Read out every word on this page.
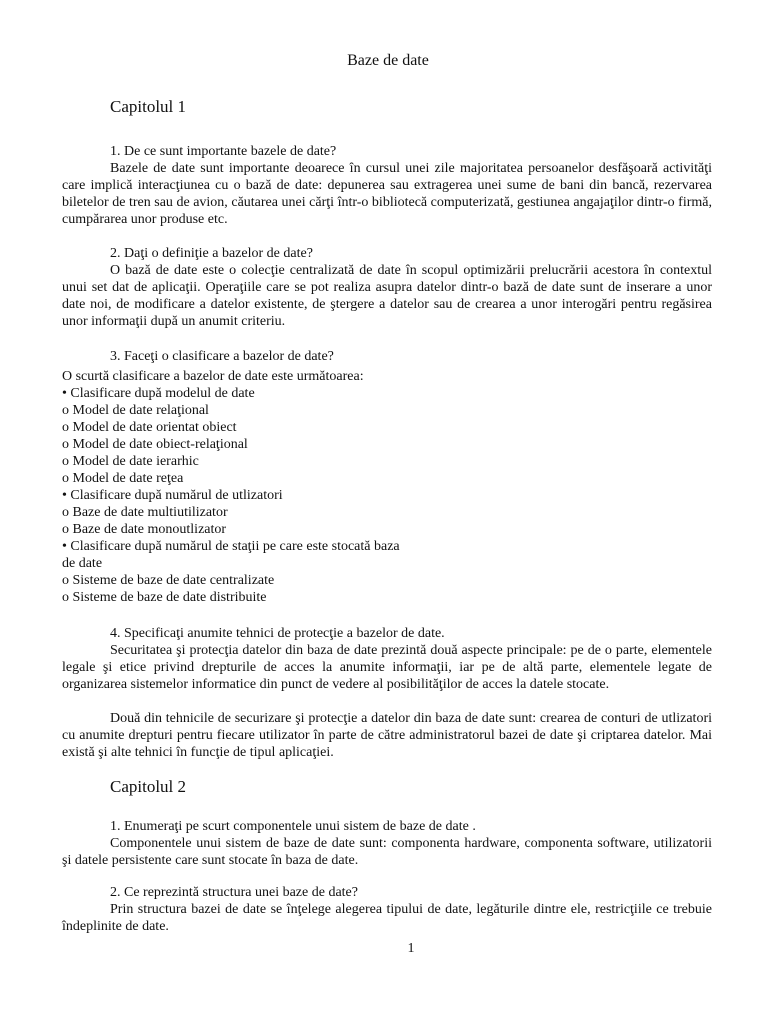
Baze de date
Capitolul 1
1. De ce sunt importante bazele de date?
Bazele de date sunt importante deoarece în cursul unei zile majoritatea persoanelor desfăşoară activităţi care implică interacţiunea cu o bază de date: depunerea sau extragerea unei sume de bani din bancă, rezervarea biletelor de tren sau de avion, căutarea unei cărţi într-o bibliotecă computerizată, gestiunea angajaţilor dintr-o firmă, cumpărarea unor produse etc.
2. Daţi o definiţie a bazelor de date?
O bază de date este o colecţie centralizată de date în scopul optimizării prelucrării acestora în contextul unui set dat de aplicaţii. Operaţiile care se pot realiza asupra datelor dintr-o bază de date sunt de inserare a unor date noi, de modificare a datelor existente, de ştergere a datelor sau de crearea a unor interogări pentru regăsirea unor informaţii după un anumit criteriu.
3. Faceţi o clasificare a bazelor de date?
O scurtă clasificare a bazelor de date este următoarea:
• Clasificare după modelul de date
o Model de date relaţional
o Model de date orientat obiect
o Model de date obiect-relaţional
o Model de date ierarhic
o Model de date reţea
• Clasificare după numărul de utlizatori
o Baze de date multiutilizator
o Baze de date monoutlizator
• Clasificare după numărul de staţii pe care este stocată baza
de date
o Sisteme de baze de date centralizate
o Sisteme de baze de date distribuite
4. Specificaţi anumite tehnici de protecţie a bazelor de date.
Securitatea şi protecţia datelor din baza de date prezintă două aspecte principale: pe de o parte, elementele legale şi etice privind drepturile de acces la anumite informaţii, iar pe de altă parte, elementele legate de organizarea sistemelor informatice din punct de vedere al posibilităţilor de acces la datele stocate.
Două din tehnicile de securizare şi protecţie a datelor din baza de date sunt: crearea de conturi de utlizatori cu anumite drepturi pentru fiecare utilizator în parte de către administratorul bazei de date şi criptarea datelor. Mai există şi alte tehnici în funcţie de tipul aplicaţiei.
Capitolul 2
1. Enumeraţi pe scurt componentele unui sistem de baze de date .
Componentele unui sistem de baze de date sunt: componenta hardware, componenta software, utilizatorii şi datele persistente care sunt stocate în baza de date.
2. Ce reprezintă structura unei baze de date?
Prin structura bazei de date se înţelege alegerea tipului de date, legăturile dintre ele, restricţiile ce trebuie îndeplinite de date.
1
